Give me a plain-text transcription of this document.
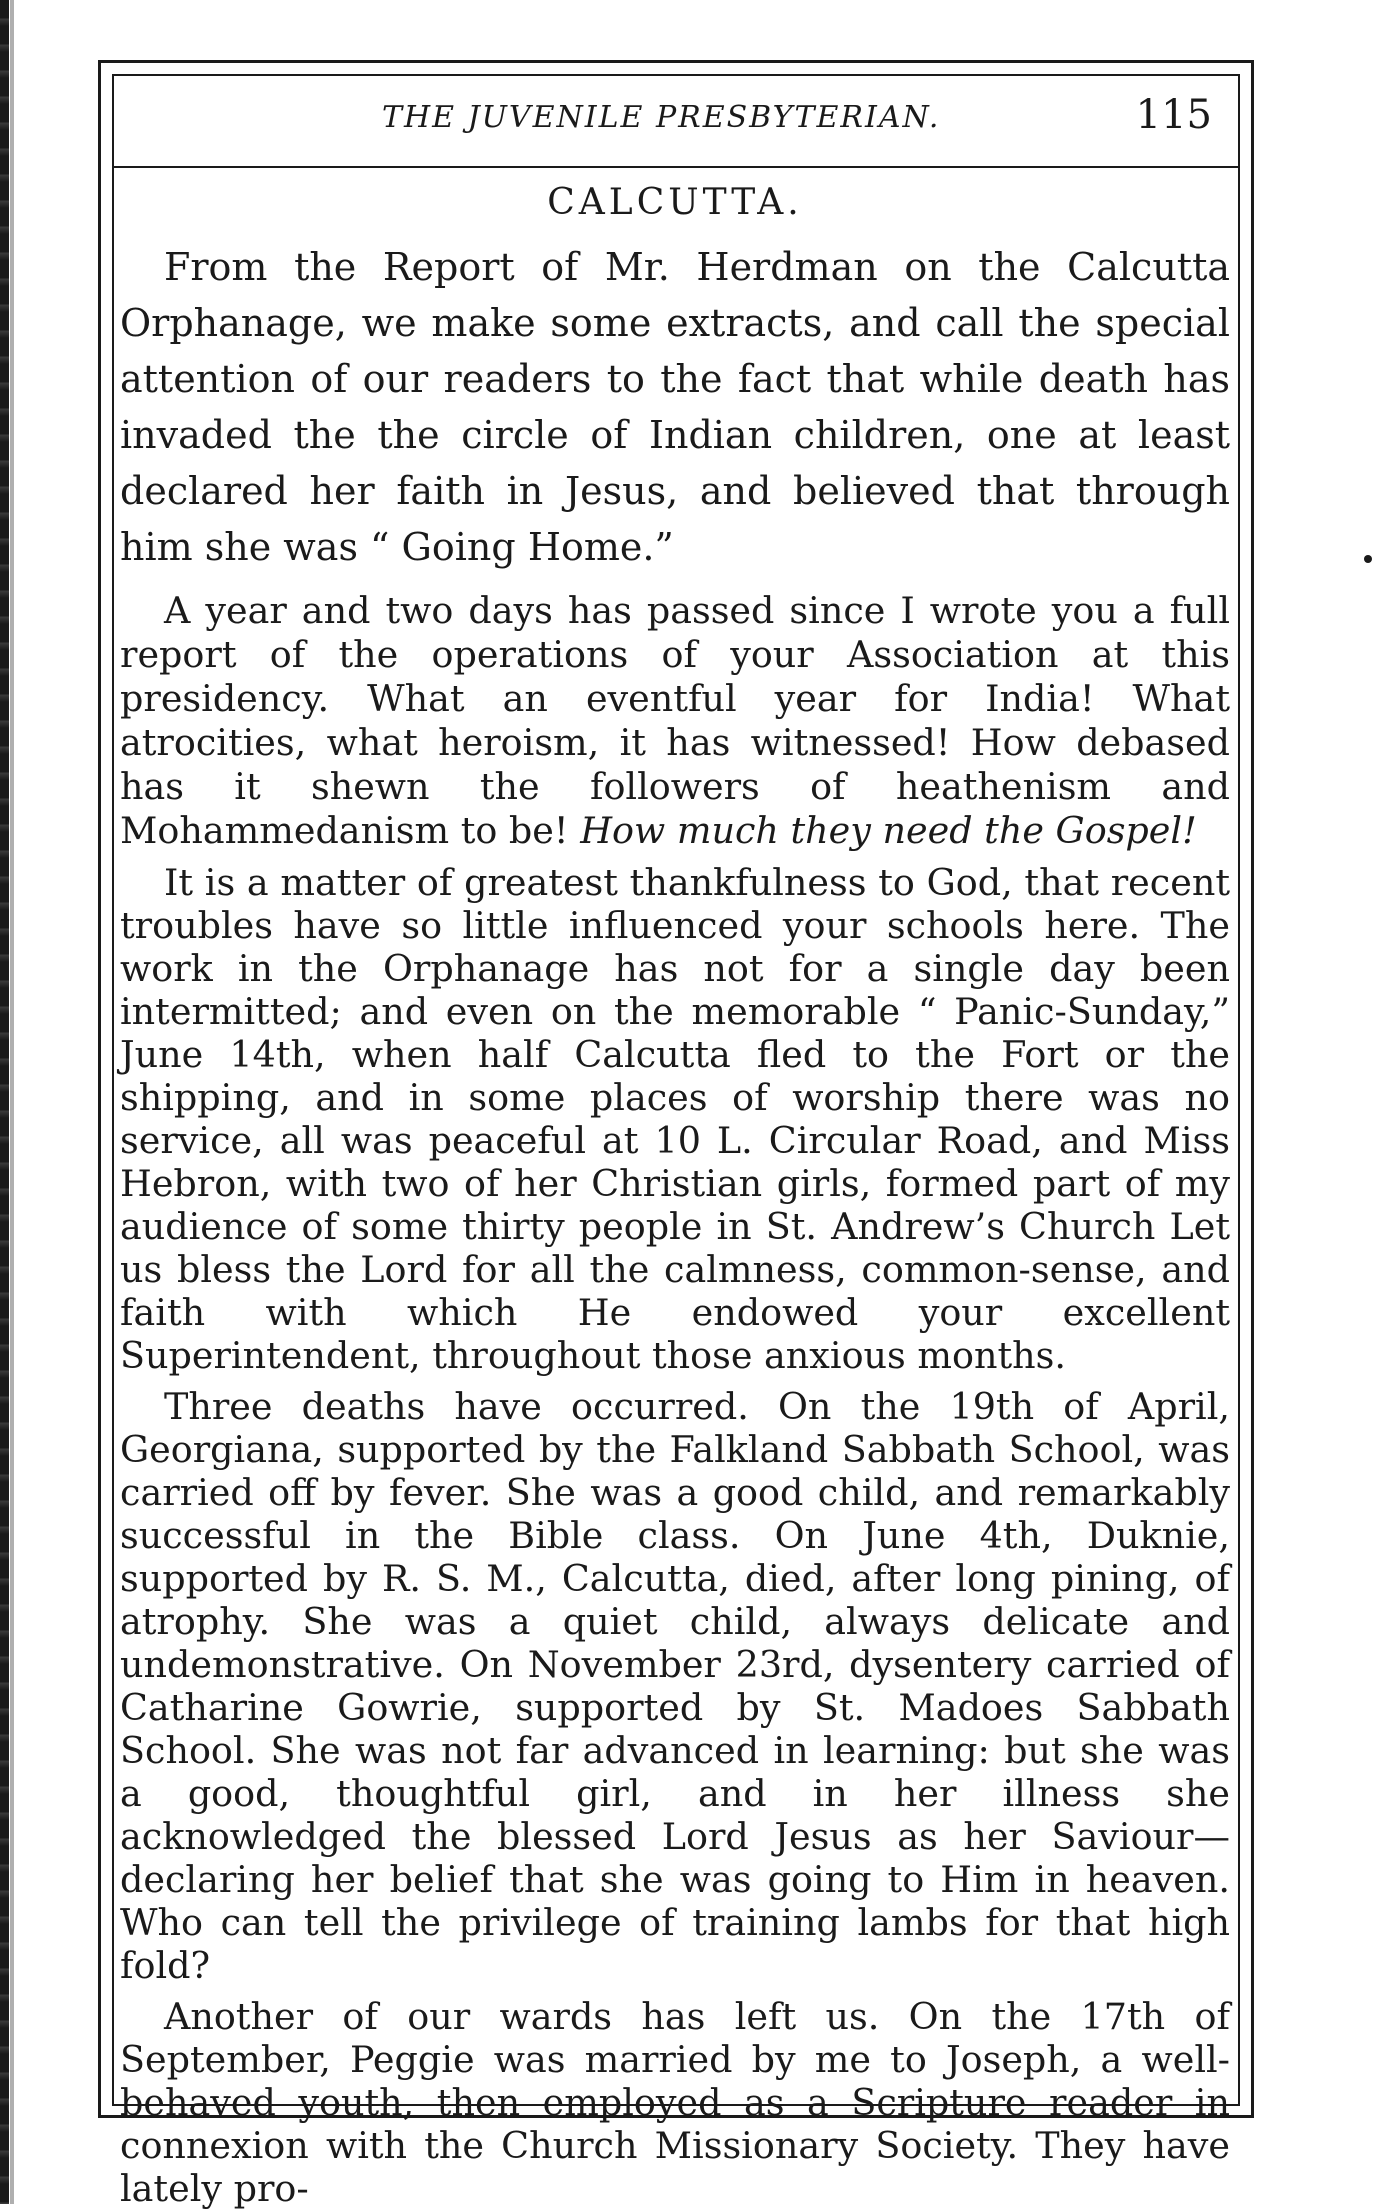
THE JUVENILE PRESBYTERIAN.	115
CALCUTTA.

From the Report of Mr. Herdman on the Calcutta Orphanage, we make some extracts, and call the special attention of our readers to the fact that while death has invaded the the circle of Indian children, one at least declared her faith in Jesus, and believed that through him she was “ Going Home.”

A year and two days has passed since I wrote you a full report of the operations of your Association at this presidency. What an eventful year for India! What atrocities, what heroism, it has witnessed! How debased has it shewn the followers of heathenism and Mohammedanism to be! How much they need the Gospel!

It is a matter of greatest thankfulness to God, that recent troubles have so little influenced your schools here. The work in the Orphanage has not for a single day been intermitted; and even on the memorable “ Panic-Sunday,” June 14th, when half Calcutta fled to the Fort or the shipping, and in some places of worship there was no service, all was peaceful at 10 L. Circular Road, and Miss Hebron, with two of her Christian girls, formed part of my audience of some thirty people in St. Andrew’s Church Let us bless the Lord for all the calmness, common-sense, and faith with which He endowed your excellent Superintendent, throughout those anxious months.

Three deaths have occurred. On the 19th of April, Georgiana, supported by the Falkland Sabbath School, was carried off by fever. She was a good child, and remarkably successful in the Bible class. On June 4th, Duknie, supported by R. S. M., Calcutta, died, after long pining, of atrophy. She was a quiet child, always delicate and undemonstrative. On November 23rd, dysentery carried of Catharine Gowrie, supported by St. Madoes Sabbath School. She was not far advanced in learning: but she was a good, thoughtful girl, and in her illness she acknowledged the blessed Lord Jesus as her Saviour—declaring her belief that she was going to Him in heaven. Who can tell the privilege of training lambs for that high fold?

Another of our wards has left us. On the 17th of September, Peggie was married by me to Joseph, a well-behaved youth, then employed as a Scripture reader in connexion with the Church Missionary Society. They have lately pro-
